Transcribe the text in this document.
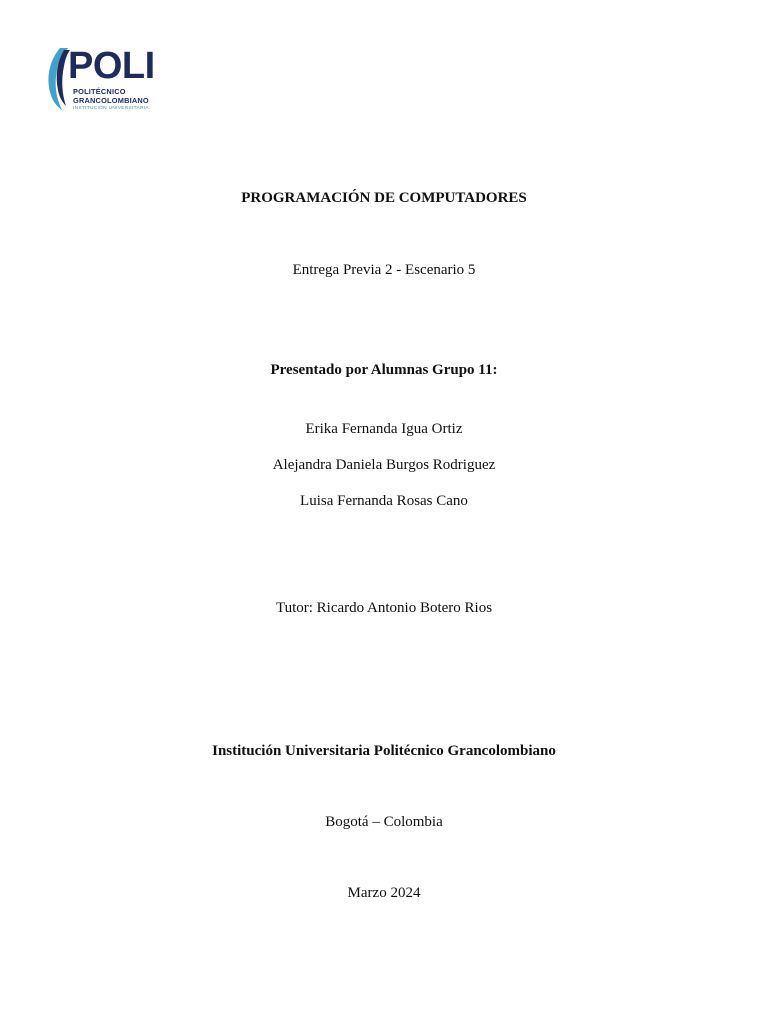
POLI
POLITÉCNICO
GRANCOLOMBIANO
INSTITUCIÓN UNIVERSITARIA
PROGRAMACIÓN DE COMPUTADORES
Entrega Previa 2 - Escenario 5
Presentado por Alumnas Grupo 11:
Erika Fernanda Igua Ortiz
Alejandra Daniela Burgos Rodriguez
Luisa Fernanda Rosas Cano
Tutor: Ricardo Antonio Botero Rios
Institución Universitaria Politécnico Grancolombiano
Bogotá – Colombia
Marzo 2024
